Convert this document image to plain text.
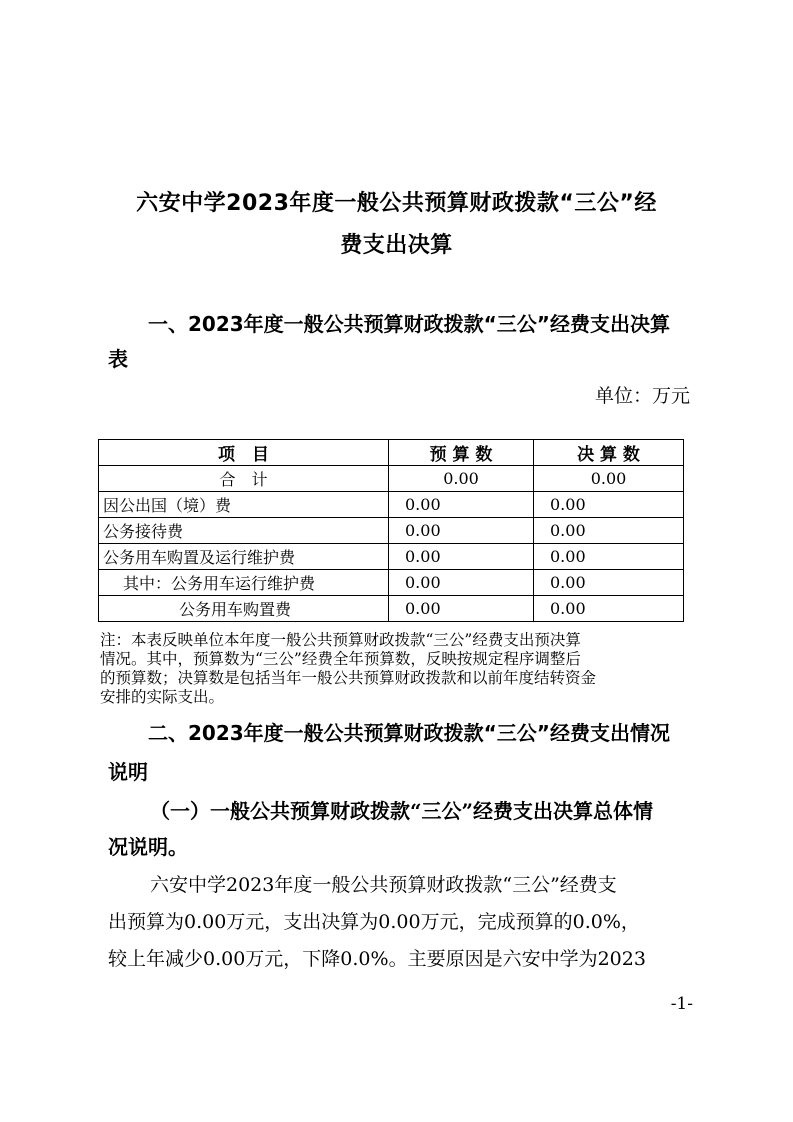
六安中学2023年度一般公共预算财政拨款“三公”经

费支出决算

一、2023年度一般公共预算财政拨款“三公”经费支出决算

表

单位：万元

项　目	预 算 数	决 算 数
合　计	0.00	0.00
因公出国（境）费	0.00	0.00
公务接待费	0.00	0.00
公务用车购置及运行维护费	0.00	0.00
其中：公务用车运行维护费	0.00	0.00
公务用车购置费	0.00	0.00
注：本表反映单位本年度一般公共预算财政拨款“三公”经费支出预决算
情况。其中，预算数为“三公”经费全年预算数，反映按规定程序调整后
的预算数；决算数是包括当年一般公共预算财政拨款和以前年度结转资金
安排的实际支出。

二、2023年度一般公共预算财政拨款“三公”经费支出情况

说明

（一）一般公共预算财政拨款“三公”经费支出决算总体情

况说明。

六安中学2023年度一般公共预算财政拨款“三公”经费支

出预算为0.00万元，支出决算为0.00万元，完成预算的0.0%，

较上年减少0.00万元，下降0.0%。主要原因是六安中学为2023

-1-
